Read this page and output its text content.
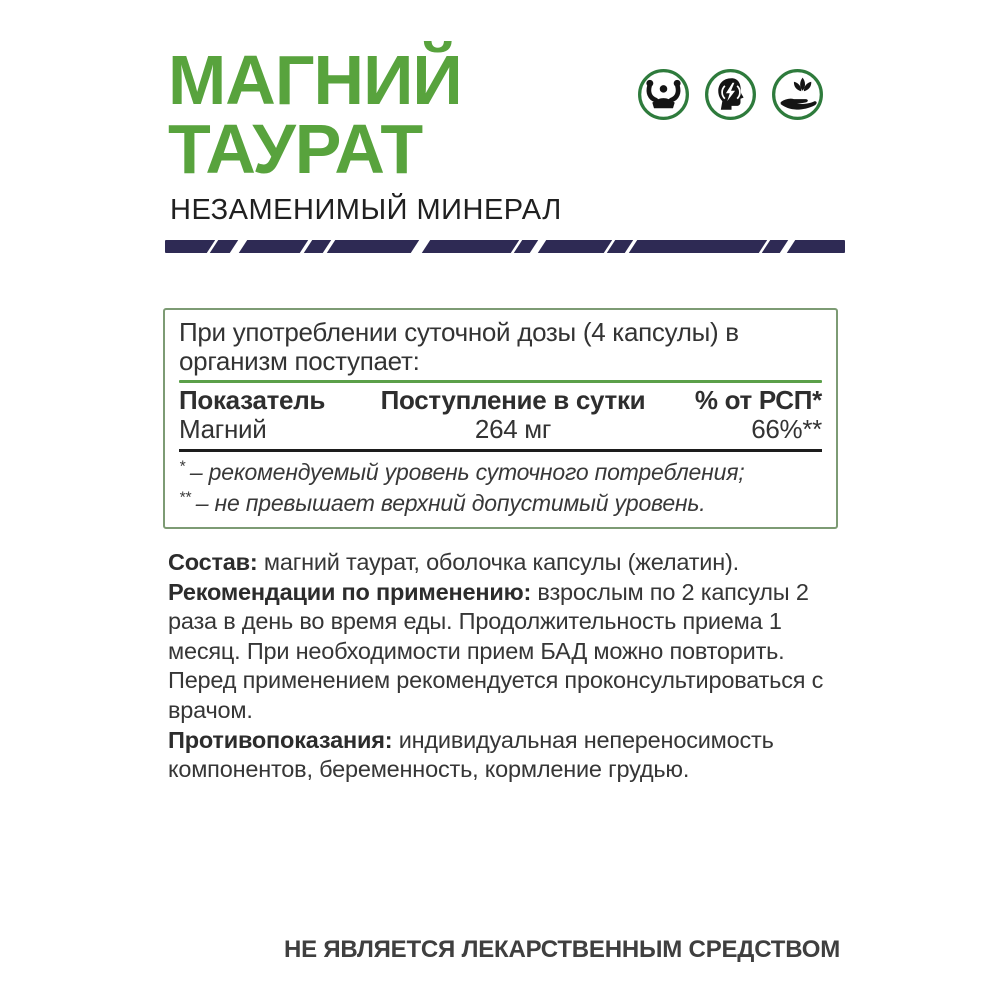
МАГНИЙ
ТАУРАТ
НЕЗАМЕНИМЫЙ МИНЕРАЛ
При употреблении суточной дозы (4 капсулы) в организм поступает:
Показатель	Поступление в сутки	% от РСП*
Магний	264 мг	66%**
* – рекомендуемый уровень суточного потребления;
** – не превышает верхний допустимый уровень.

Состав: магний таурат, оболочка капсулы (желатин).

Рекомендации по применению: взрослым по 2 капсулы 2 раза в день во время еды. Продолжительность приема 1 месяц. При необходимости прием БАД можно повторить. Перед применением рекомендуется проконсультироваться с врачом.

Противопоказания: индивидуальная непереносимость компонентов, беременность, кормление грудью.

НЕ ЯВЛЯЕТСЯ ЛЕКАРСТВЕННЫМ СРЕДСТВОМ
